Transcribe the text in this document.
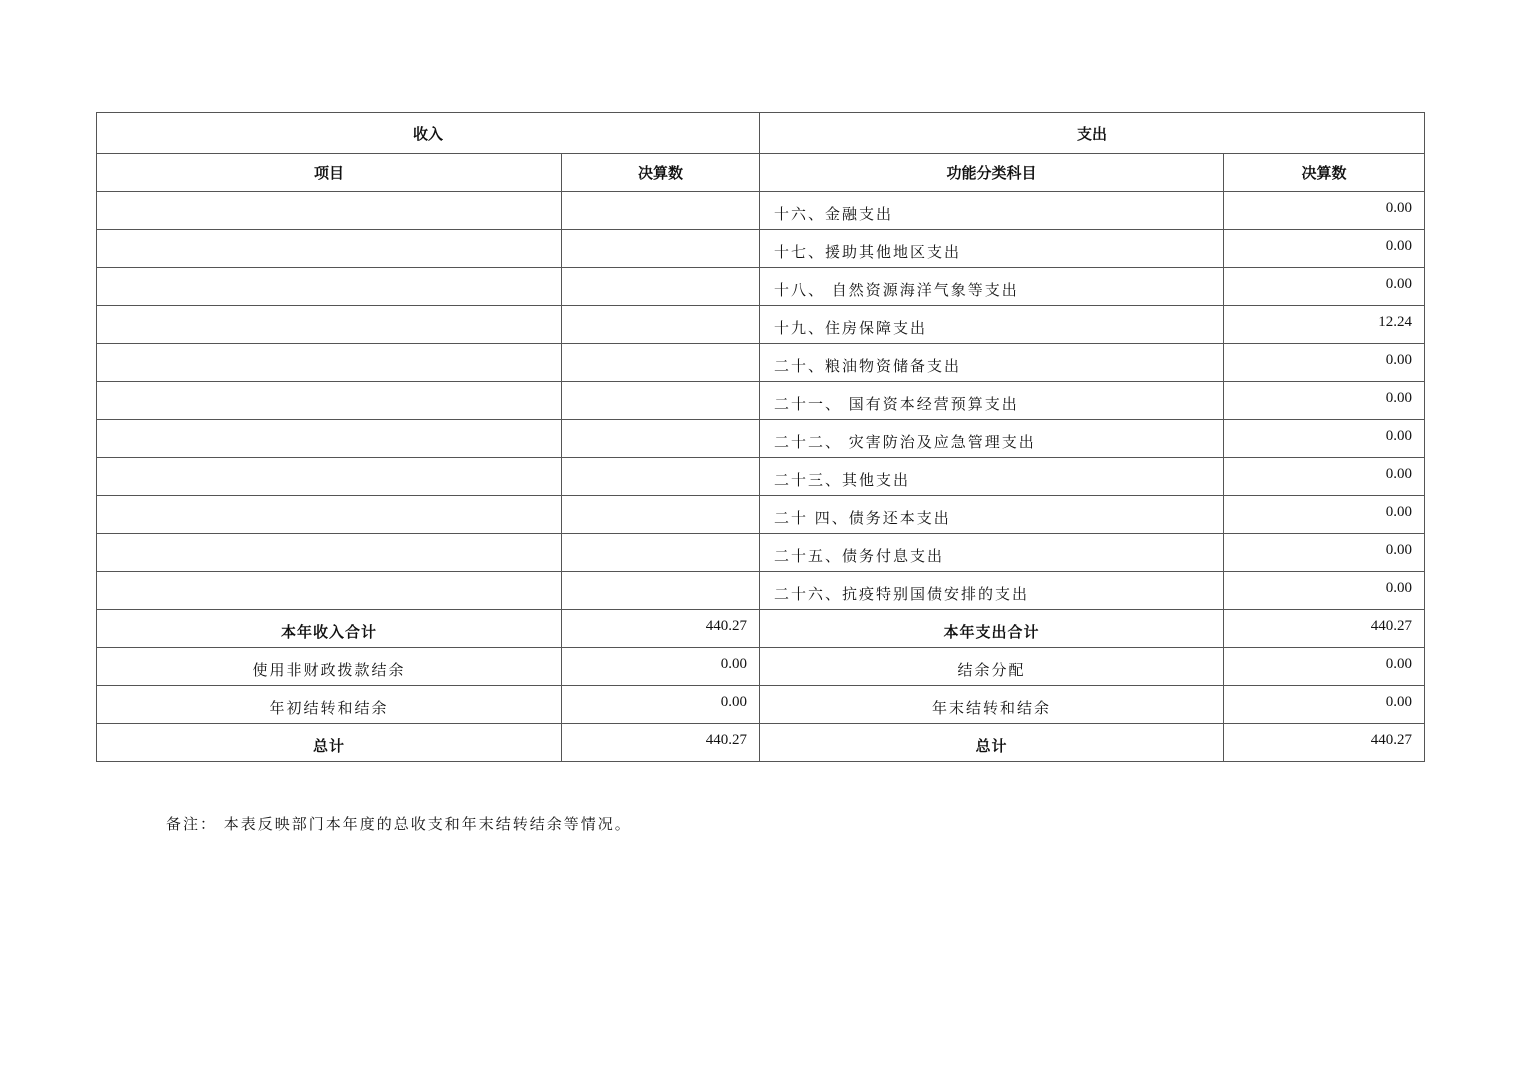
收入		支出	
项目	决算数	功能分类科目	决算数
		十六、金融支出	0.00
		十七、援助其他地区支出	0.00
		十八、 自然资源海洋气象等支出	0.00
		十九、住房保障支出	12.24
		二十、粮油物资储备支出	0.00
		二十一、 国有资本经营预算支出	0.00
		二十二、 灾害防治及应急管理支出	0.00
		二十三、其他支出	0.00
		二十 四、债务还本支出	0.00
		二十五、债务付息支出	0.00
		二十六、抗疫特别国债安排的支出	0.00
本年收入合计	440.27	本年支出合计	440.27
使用非财政拨款结余	0.00	结余分配	0.00
年初结转和结余	0.00	年末结转和结余	0.00
总计	440.27	总计	440.27
备注： 本表反映部门本年度的总收支和年末结转结余等情况。
